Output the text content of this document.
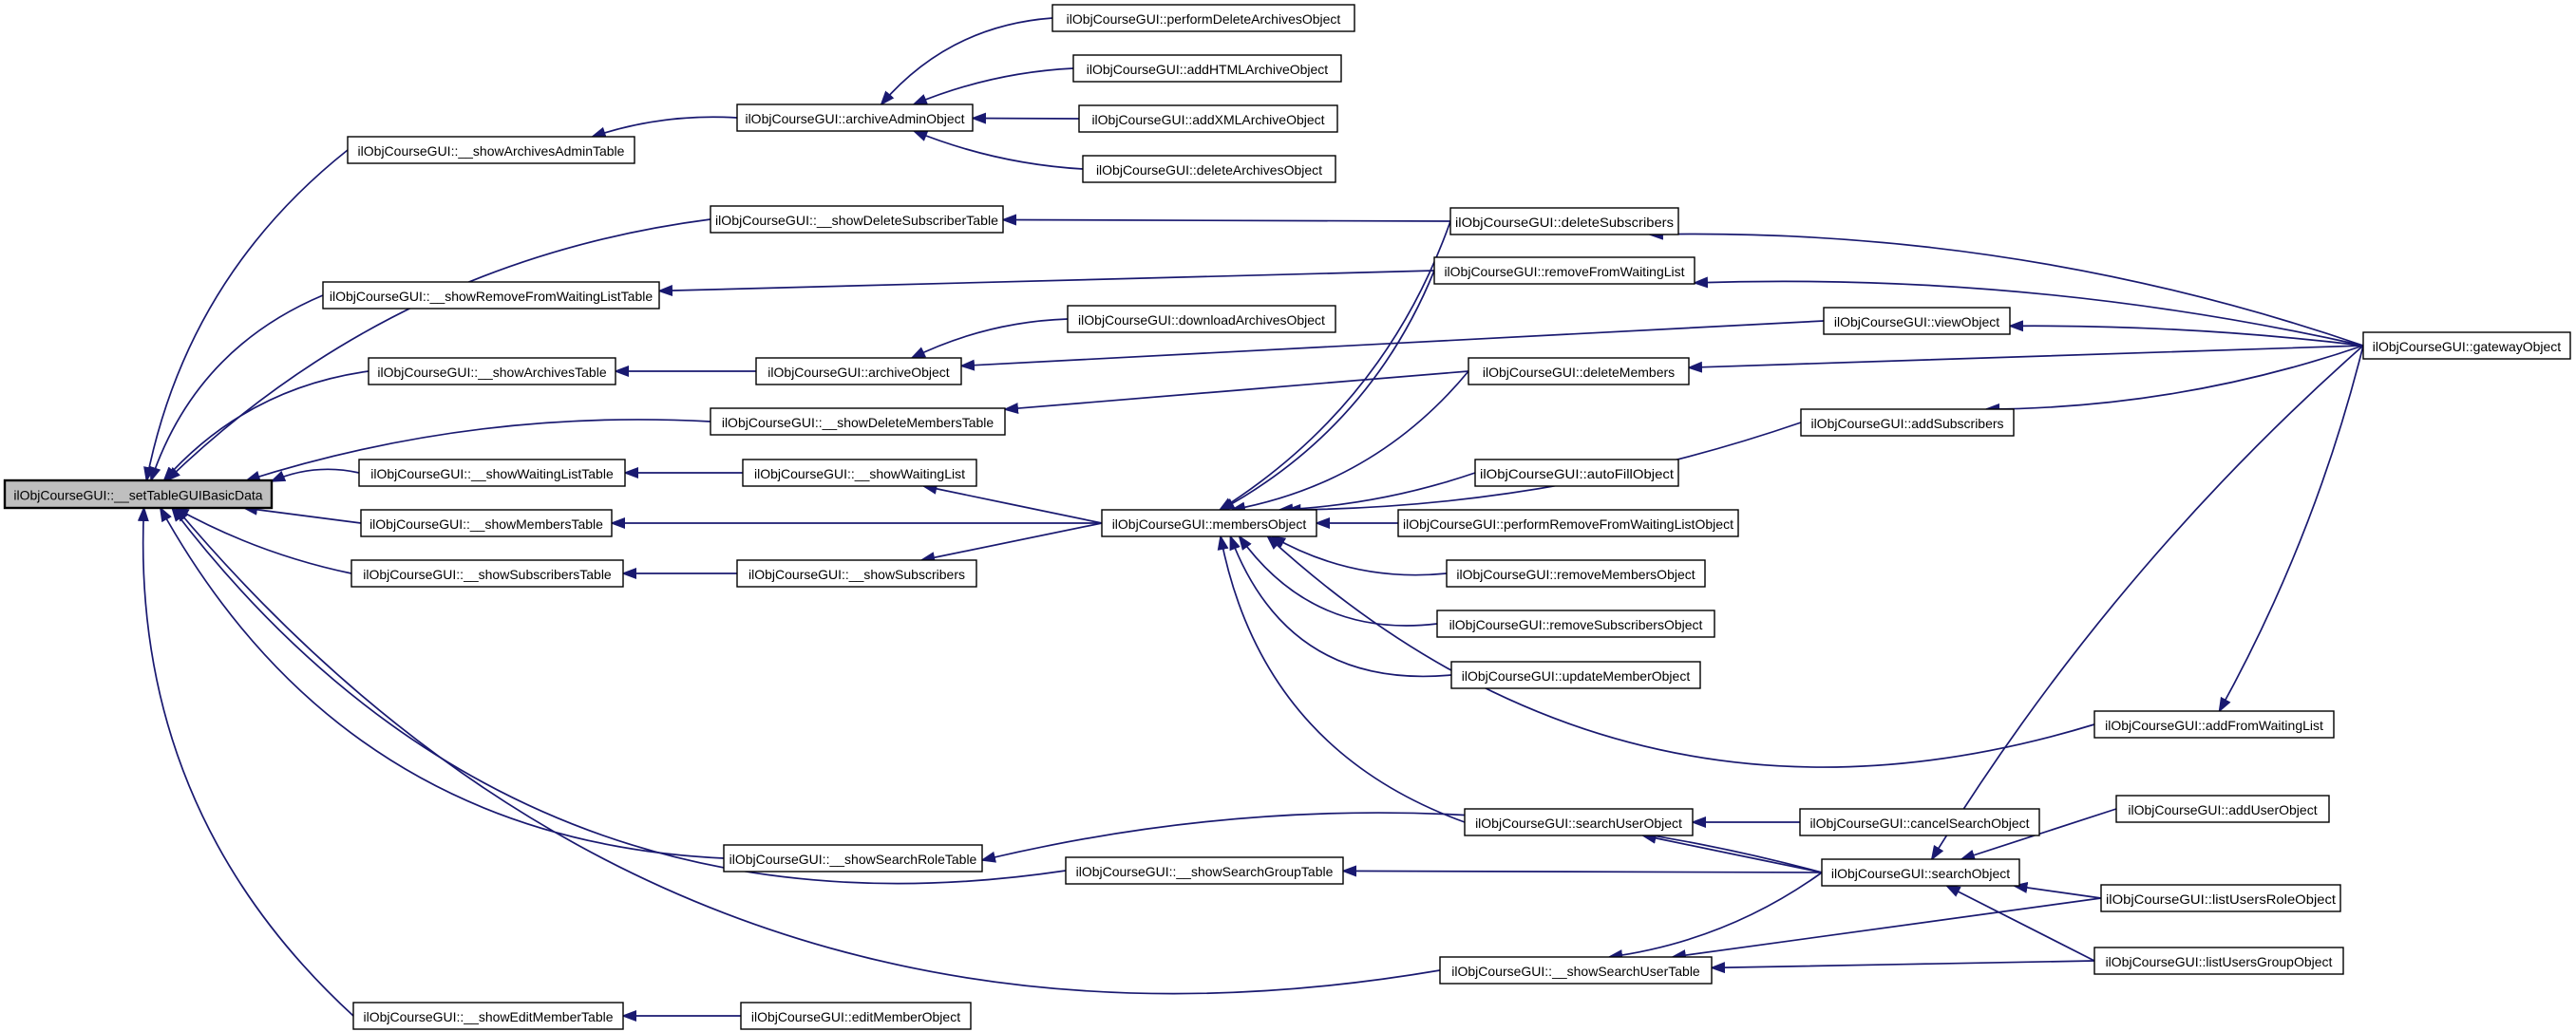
ilObjCourseGUI::__setTableGUIBasicData
ilObjCourseGUI::__showArchivesAdminTable
ilObjCourseGUI::archiveAdminObject
ilObjCourseGUI::performDeleteArchivesObject
ilObjCourseGUI::addHTMLArchiveObject
ilObjCourseGUI::addXMLArchiveObject
ilObjCourseGUI::deleteArchivesObject
ilObjCourseGUI::__showDeleteSubscriberTable	ilObjCourseGUI::deleteSubscribers
ilObjCourseGUI::removeFromWaitingList
ilObjCourseGUI::__showRemoveFromWaitingListTable
ilObjCourseGUI::downloadArchivesObject	ilObjCourseGUI::viewObject
ilObjCourseGUI::gatewayObject
ilObjCourseGUI::__showArchivesTable	ilObjCourseGUI::archiveObject	ilObjCourseGUI::deleteMembers
ilObjCourseGUI::__showDeleteMembersTable	ilObjCourseGUI::addSubscribers
ilObjCourseGUI::__showWaitingListTable	ilObjCourseGUI::__showWaitingList	ilObjCourseGUI::autoFillObject
ilObjCourseGUI::__showMembersTable	ilObjCourseGUI::membersObject	ilObjCourseGUI::performRemoveFromWaitingListObject
ilObjCourseGUI::removeMembersObject
ilObjCourseGUI::__showSubscribersTable	ilObjCourseGUI::__showSubscribers
ilObjCourseGUI::removeSubscribersObject
ilObjCourseGUI::updateMemberObject
ilObjCourseGUI::addFromWaitingList
ilObjCourseGUI::searchUserObject	ilObjCourseGUI::cancelSearchObject
ilObjCourseGUI::addUserObject
ilObjCourseGUI::__showSearchRoleTable
ilObjCourseGUI::__showSearchGroupTable	ilObjCourseGUI::searchObject
ilObjCourseGUI::listUsersRoleObject
ilObjCourseGUI::listUsersGroupObject
ilObjCourseGUI::__showSearchUserTable
ilObjCourseGUI::__showEditMemberTable	ilObjCourseGUI::editMemberObject
